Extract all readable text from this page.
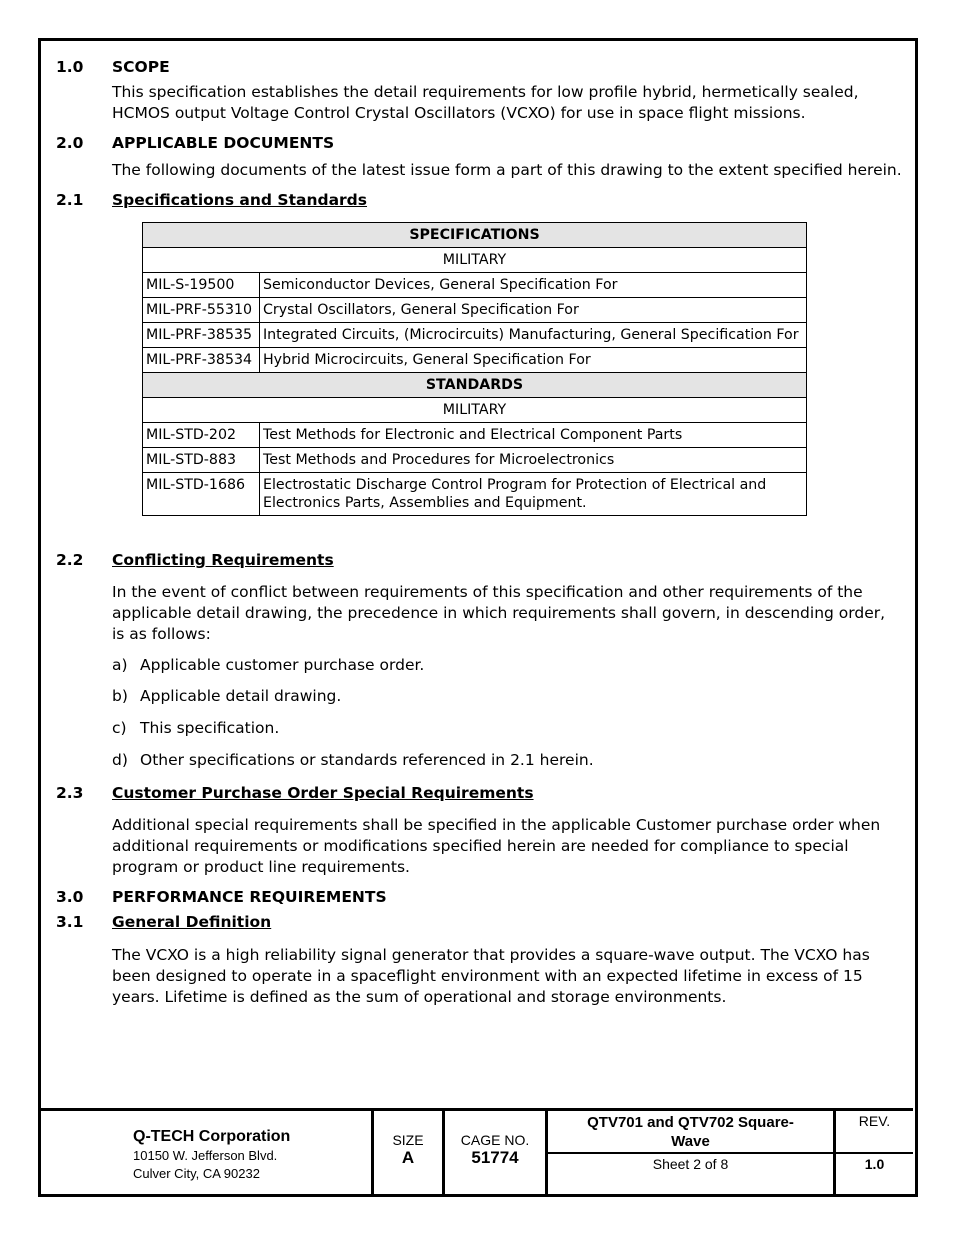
1.0 SCOPE
This specification establishes the detail requirements for low profile hybrid, hermetically sealed, HCMOS output Voltage Control Crystal Oscillators (VCXO) for use in space flight missions.
2.0 APPLICABLE DOCUMENTS
The following documents of the latest issue form a part of this drawing to the extent specified herein.
2.1 Specifications and Standards
SPECIFICATIONS	
MILITARY	
MIL-S-19500	Semiconductor Devices, General Specification For
MIL-PRF-55310	Crystal Oscillators, General Specification For
MIL-PRF-38535	Integrated Circuits, (Microcircuits) Manufacturing, General Specification For
MIL-PRF-38534	Hybrid Microcircuits, General Specification For
STANDARDS	
MILITARY	
MIL-STD-202	Test Methods for Electronic and Electrical Component Parts
MIL-STD-883	Test Methods and Procedures for Microelectronics
MIL-STD-1686	Electrostatic Discharge Control Program for Protection of Electrical and Electronics Parts, Assemblies and Equipment.
2.2 Conflicting Requirements
In the event of conflict between requirements of this specification and other requirements of the applicable detail drawing, the precedence in which requirements shall govern, in descending order, is as follows:
a) Applicable customer purchase order.
b) Applicable detail drawing.
c) This specification.
d) Other specifications or standards referenced in 2.1 herein.
2.3 Customer Purchase Order Special Requirements
Additional special requirements shall be specified in the applicable Customer purchase order when additional requirements or modifications specified herein are needed for compliance to special program or product line requirements.
3.0 PERFORMANCE REQUIREMENTS
3.1 General Definition
The VCXO is a high reliability signal generator that provides a square-wave output. The VCXO has been designed to operate in a spaceflight environment with an expected lifetime in excess of 15 years. Lifetime is defined as the sum of operational and storage environments.
Q-TECH Corporation
10150 W. Jefferson Blvd.
Culver City, CA 90232
SIZE
A
CAGE NO.
51774
QTV701 and QTV702 Square-Wave
Sheet 2 of 8
REV.
1.0
